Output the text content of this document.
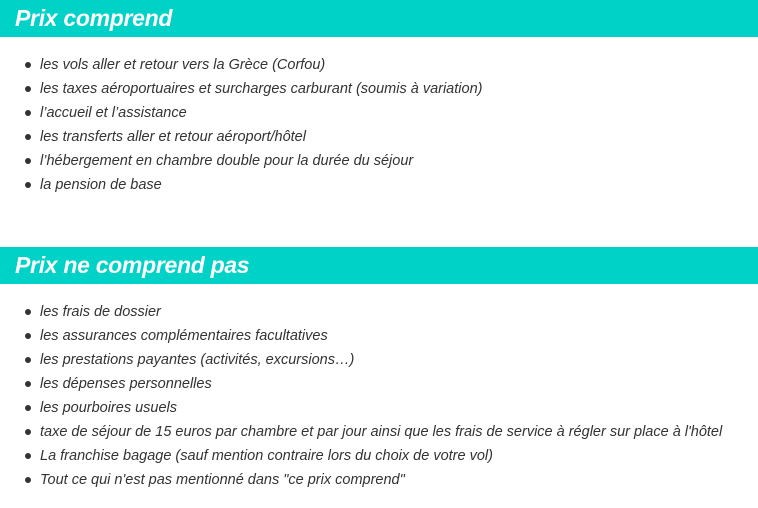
Prix comprend
les vols aller et retour vers la Grèce (Corfou)
les taxes aéroportuaires et surcharges carburant (soumis à variation)
l’accueil et l’assistance
les transferts aller et retour aéroport/hôtel
l’hébergement en chambre double pour la durée du séjour
la pension de base
Prix ne comprend pas
les frais de dossier
les assurances complémentaires facultatives
les prestations payantes (activités, excursions…)
les dépenses personnelles
les pourboires usuels
taxe de séjour de 15 euros par chambre et par jour ainsi que les frais de service à régler sur place à l'hôtel
La franchise bagage (sauf mention contraire lors du choix de votre vol)
Tout ce qui n'est pas mentionné dans "ce prix comprend"
